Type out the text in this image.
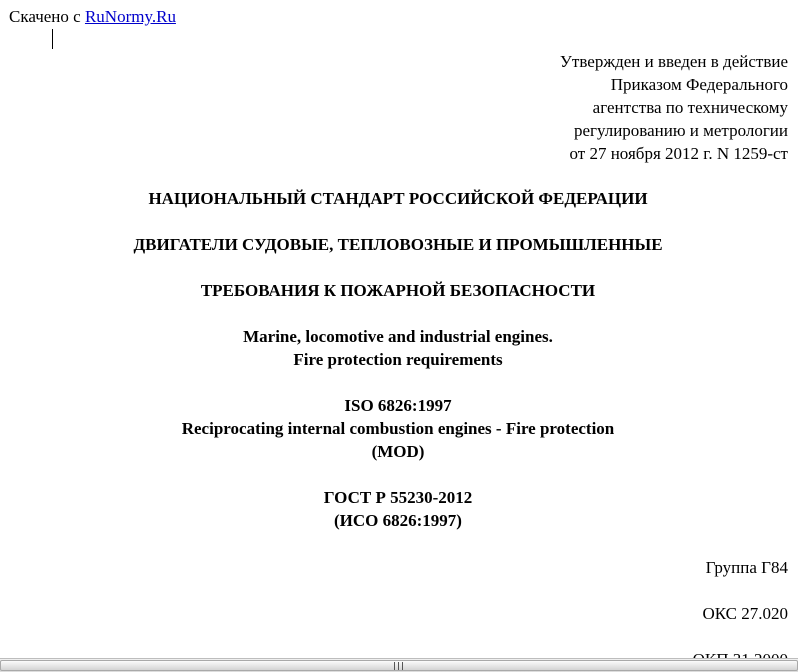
Скачено с RuNormy.Ru
Утвержден и введен в действие
Приказом Федерального
агентства по техническому
регулированию и метрологии
от 27 ноября 2012 г. N 1259-ст
НАЦИОНАЛЬНЫЙ СТАНДАРТ РОССИЙСКОЙ ФЕДЕРАЦИИ
ДВИГАТЕЛИ СУДОВЫЕ, ТЕПЛОВОЗНЫЕ И ПРОМЫШЛЕННЫЕ
ТРЕБОВАНИЯ К ПОЖАРНОЙ БЕЗОПАСНОСТИ
Marine, locomotive and industrial engines.
Fire protection requirements
ISO 6826:1997
Reciprocating internal combustion engines - Fire protection
(MOD)
ГОСТ Р 55230-2012
(ИСО 6826:1997)
Группа Г84
ОКС 27.020
